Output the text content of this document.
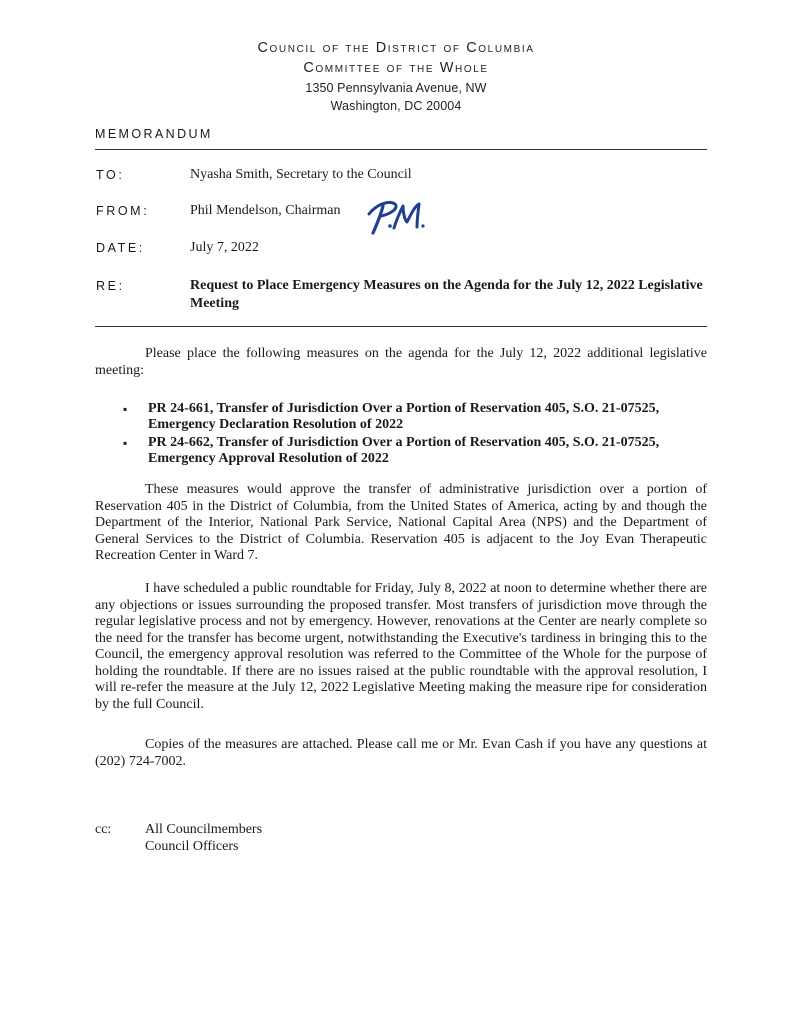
Council of the District of Columbia
Committee of the Whole
1350 Pennsylvania Avenue, NW
Washington, DC 20004
MEMORANDUM
TO:	Nyasha Smith, Secretary to the Council
FROM:	Phil Mendelson, Chairman
DATE:	July 7, 2022
RE:	Request to Place Emergency Measures on the Agenda for the July 12, 2022 Legislative Meeting

Please place the following measures on the agenda for the July 12, 2022 additional legislative meeting:

▪ PR 24-661, Transfer of Jurisdiction Over a Portion of Reservation 405, S.O. 21-07525, Emergency Declaration Resolution of 2022
▪ PR 24-662, Transfer of Jurisdiction Over a Portion of Reservation 405, S.O. 21-07525, Emergency Approval Resolution of 2022

These measures would approve the transfer of administrative jurisdiction over a portion of Reservation 405 in the District of Columbia, from the United States of America, acting by and though the Department of the Interior, National Park Service, National Capital Area (NPS) and the Department of General Services to the District of Columbia. Reservation 405 is adjacent to the Joy Evan Therapeutic Recreation Center in Ward 7.

I have scheduled a public roundtable for Friday, July 8, 2022 at noon to determine whether there are any objections or issues surrounding the proposed transfer. Most transfers of jurisdiction move through the regular legislative process and not by emergency. However, renovations at the Center are nearly complete so the need for the transfer has become urgent, notwithstanding the Executive's tardiness in bringing this to the Council, the emergency approval resolution was referred to the Committee of the Whole for the purpose of holding the roundtable. If there are no issues raised at the public roundtable with the approval resolution, I will re-refer the measure at the July 12, 2022 Legislative Meeting making the measure ripe for consideration by the full Council.

Copies of the measures are attached. Please call me or Mr. Evan Cash if you have any questions at (202) 724-7002.

cc: All Councilmembers
Council Officers
